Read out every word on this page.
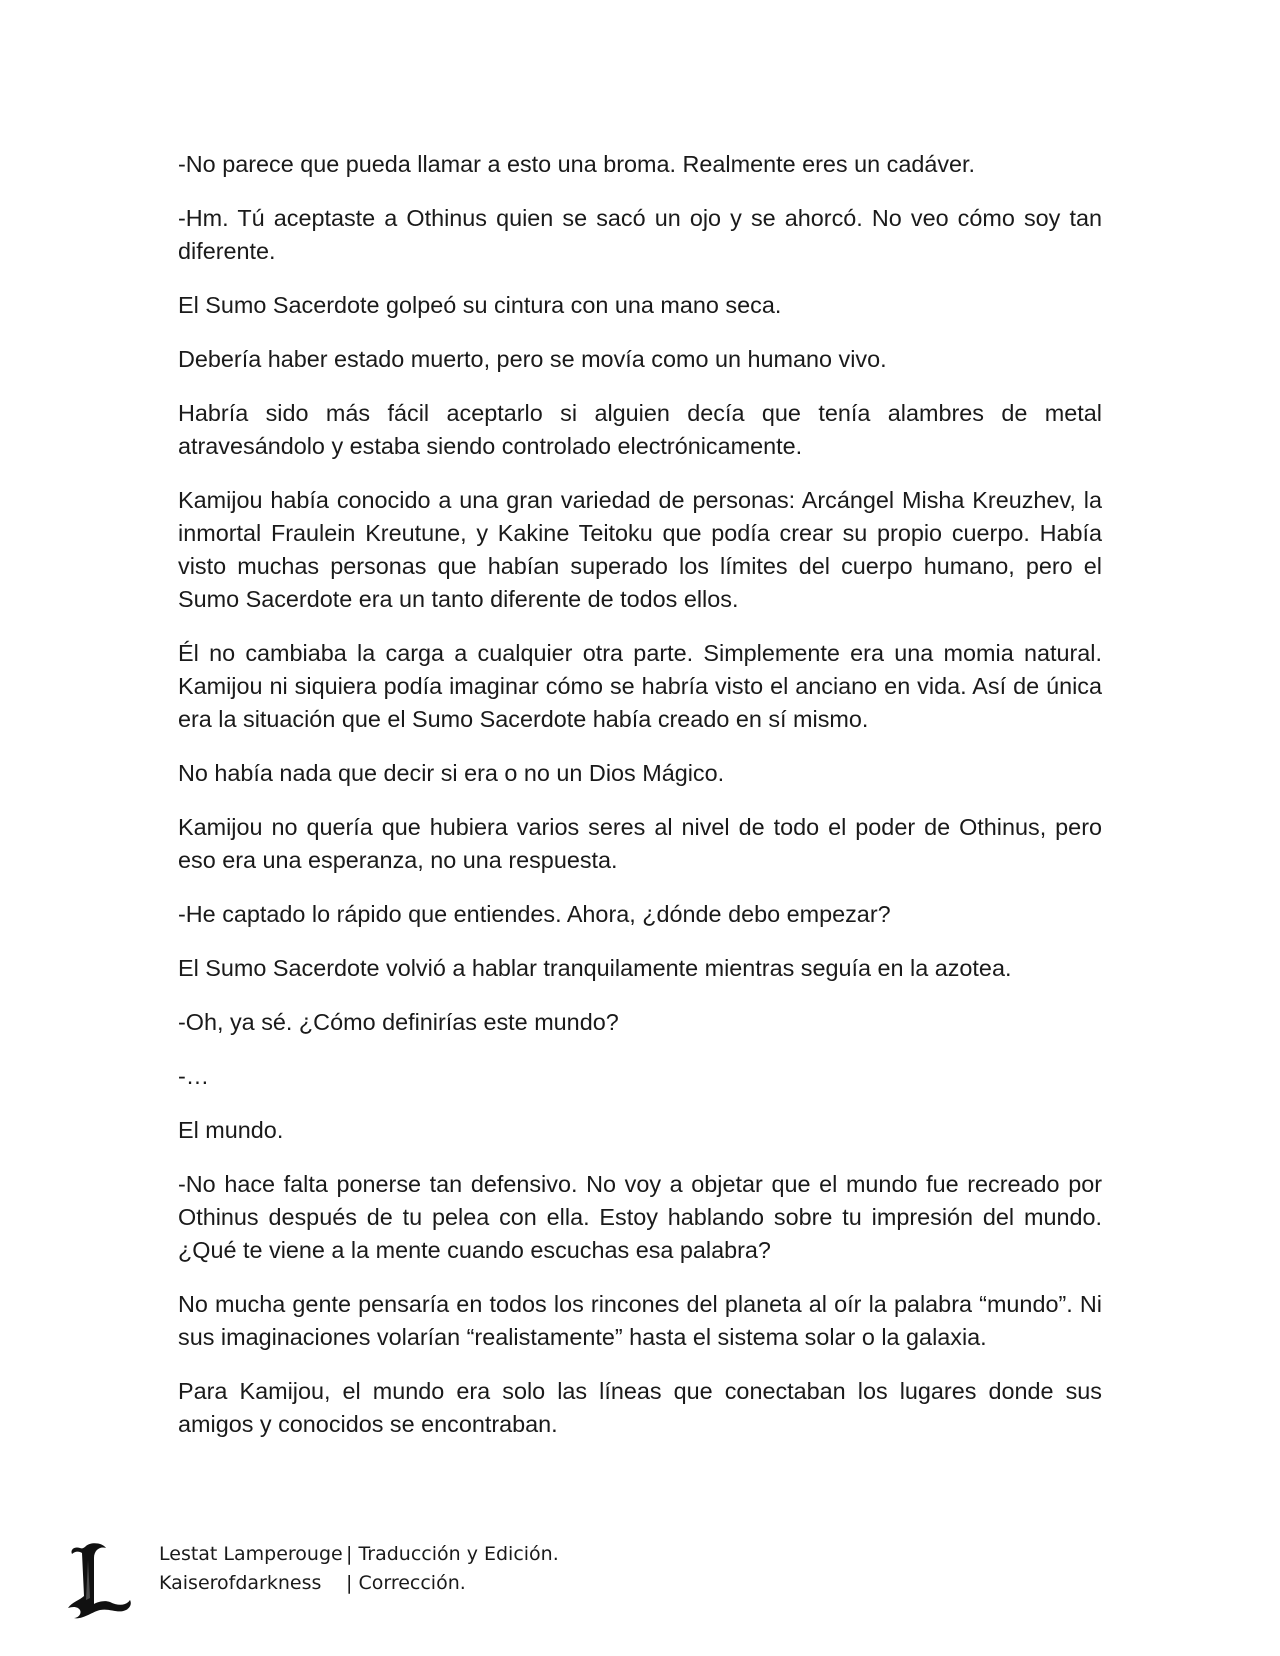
-No parece que pueda llamar a esto una broma. Realmente eres un cadáver.

-Hm. Tú aceptaste a Othinus quien se sacó un ojo y se ahorcó. No veo cómo soy tan diferente.

El Sumo Sacerdote golpeó su cintura con una mano seca.

Debería haber estado muerto, pero se movía como un humano vivo.

Habría sido más fácil aceptarlo si alguien decía que tenía alambres de metal atravesándolo y estaba siendo controlado electrónicamente.

Kamijou había conocido a una gran variedad de personas: Arcángel Misha Kreuzhev, la inmortal Fraulein Kreutune, y Kakine Teitoku que podía crear su propio cuerpo. Había visto muchas personas que habían superado los límites del cuerpo humano, pero el Sumo Sacerdote era un tanto diferente de todos ellos.

Él no cambiaba la carga a cualquier otra parte. Simplemente era una momia natural. Kamijou ni siquiera podía imaginar cómo se habría visto el anciano en vida. Así de única era la situación que el Sumo Sacerdote había creado en sí mismo.

No había nada que decir si era o no un Dios Mágico.

Kamijou no quería que hubiera varios seres al nivel de todo el poder de Othinus, pero eso era una esperanza, no una respuesta.

-He captado lo rápido que entiendes. Ahora, ¿dónde debo empezar?

El Sumo Sacerdote volvió a hablar tranquilamente mientras seguía en la azotea.

-Oh, ya sé. ¿Cómo definirías este mundo?

-…

El mundo.

-No hace falta ponerse tan defensivo. No voy a objetar que el mundo fue recreado por Othinus después de tu pelea con ella. Estoy hablando sobre tu impresión del mundo. ¿Qué te viene a la mente cuando escuchas esa palabra?

No mucha gente pensaría en todos los rincones del planeta al oír la palabra “mundo”. Ni sus imaginaciones volarían “realistamente” hasta el sistema solar o la galaxia.

Para Kamijou, el mundo era solo las líneas que conectaban los lugares donde sus amigos y conocidos se encontraban.

Lestat Lamperouge | Traducción y Edición.
Kaiserofdarkness	| Corrección.
